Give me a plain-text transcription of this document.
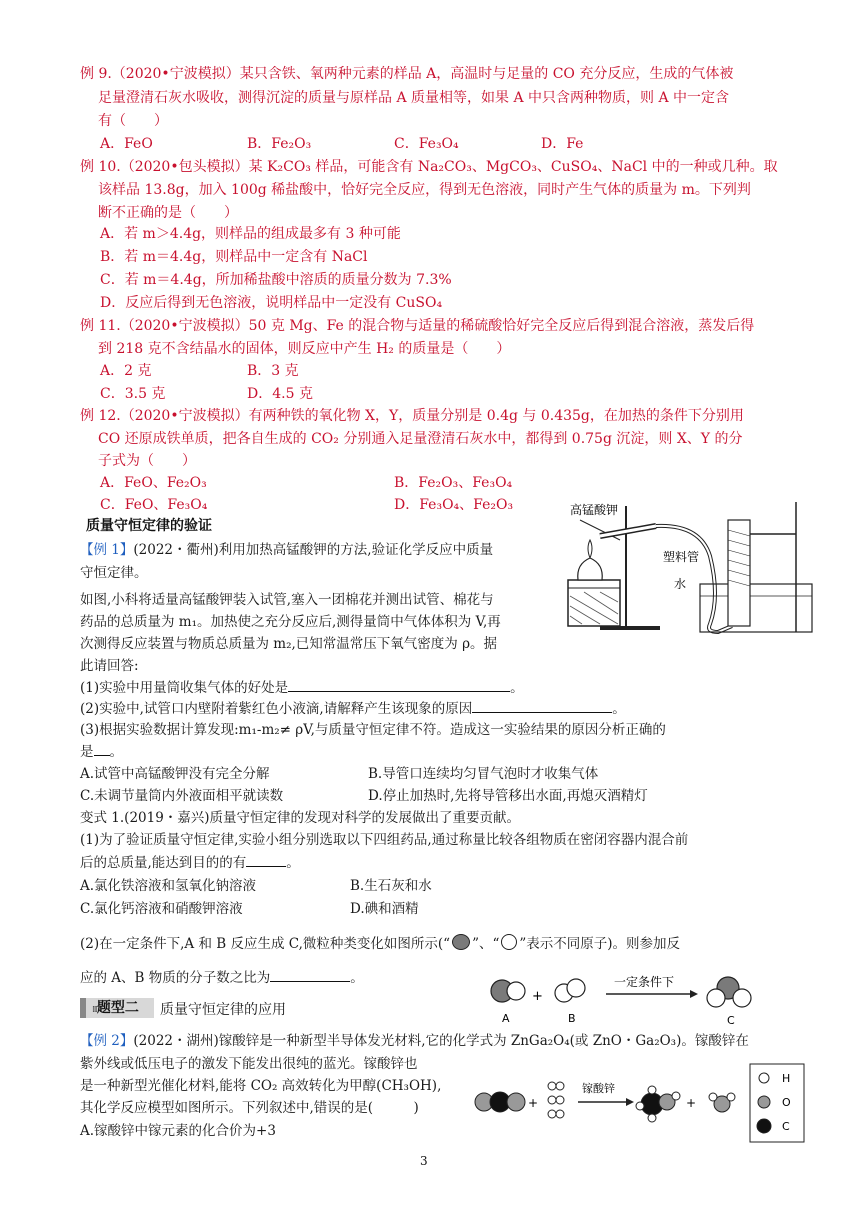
例 9.（2020•宁波模拟）某只含铁、氧两种元素的样品 A，高温时与足量的 CO 充分反应，生成的气体被
足量澄清石灰水吸收，测得沉淀的质量与原样品 A 质量相等，如果 A 中只含两种物质，则 A 中一定含
有（　　）
A．FeO	B．Fe₂O₃	C．Fe₃O₄	D．Fe
例 10.（2020•包头模拟）某 K₂CO₃ 样品，可能含有 Na₂CO₃、MgCO₃、CuSO₄、NaCl 中的一种或几种。取
该样品 13.8g，加入 100g 稀盐酸中，恰好完全反应，得到无色溶液，同时产生气体的质量为 m。下列判
断不正确的是（　　）
A．若 m＞4.4g，则样品的组成最多有 3 种可能
B．若 m＝4.4g，则样品中一定含有 NaCl
C．若 m＝4.4g，所加稀盐酸中溶质的质量分数为 7.3%
D．反应后得到无色溶液，说明样品中一定没有 CuSO₄
例 11.（2020•宁波模拟）50 克 Mg、Fe 的混合物与适量的稀硫酸恰好完全反应后得到混合溶液，蒸发后得
到 218 克不含结晶水的固体，则反应中产生 H₂ 的质量是（　　）
A．2 克	B．3 克
C．3.5 克	D．4.5 克
例 12.（2020•宁波模拟）有两种铁的氧化物 X，Y，质量分别是 0.4g 与 0.435g，在加热的条件下分别用
CO 还原成铁单质，把各自生成的 CO₂ 分别通入足量澄清石灰水中，都得到 0.75g 沉淀，则 X、Y 的分
子式为（　　）
A．FeO、Fe₂O₃	B．Fe₂O₃、Fe₃O₄
C．FeO、Fe₃O₄	D．Fe₃O₄、Fe₂O₃
质量守恒定律的验证
【例 1】(2022・衢州)利用加热高锰酸钾的方法,验证化学反应中质量
守恒定律。
如图,小科将适量高锰酸钾装入试管,塞入一团棉花并测出试管、棉花与
药品的总质量为 m₁。加热使之充分反应后,测得量筒中气体体积为 V,再
次测得反应装置与物质总质量为 m₂,已知常温常压下氧气密度为 ρ。据
此请回答:
(1)实验中用量筒收集气体的好处是	。
(2)实验中,试管口内壁附着紫红色小液滴,请解释产生该现象的原因	。
(3)根据实验数据计算发现:m₁-m₂≠ ρV,与质量守恒定律不符。造成这一实验结果的原因分析正确的
是 。
A.试管中高锰酸钾没有完全分解	B.导管口连续均匀冒气泡时才收集气体
C.未调节量筒内外液面相平就读数	D.停止加热时,先将导管移出水面,再熄灭酒精灯
高锰酸钾
塑料管
水
变式 1.(2019・嘉兴)质量守恒定律的发现对科学的发展做出了重要贡献。
(1)为了验证质量守恒定律,实验小组分别选取以下四组药品,通过称量比较各组物质在密闭容器内混合前
后的总质量,能达到目的的有	。
A.氯化铁溶液和氢氧化钠溶液	B.生石灰和水
C.氯化钙溶液和硝酸钾溶液	D.碘和酒精
(2)在一定条件下,A 和 B 反应生成 C,微粒种类变化如图所示(“ ”、“ ”表示不同原子)。则参加反
应的 A、B 物质的分子数之比为	。
+
一定条件下
A	B	C
⁞⁞题型二	质量守恒定律的应用
【例 2】(2022・湖州)镓酸锌是一种新型半导体发光材料,它的化学式为 ZnGa₂O₄(或 ZnO・Ga₂O₃)。镓酸锌在
紫外线或低压电子的激发下能发出很纯的蓝光。镓酸锌也
是一种新型光催化材料,能将 CO₂ 高效转化为甲醇(CH₃OH),
其化学反应模型如图所示。下列叙述中,错误的是(　　　)
A.镓酸锌中镓元素的化合价为+3
+
镓酸锌
+
H
O
C
3
